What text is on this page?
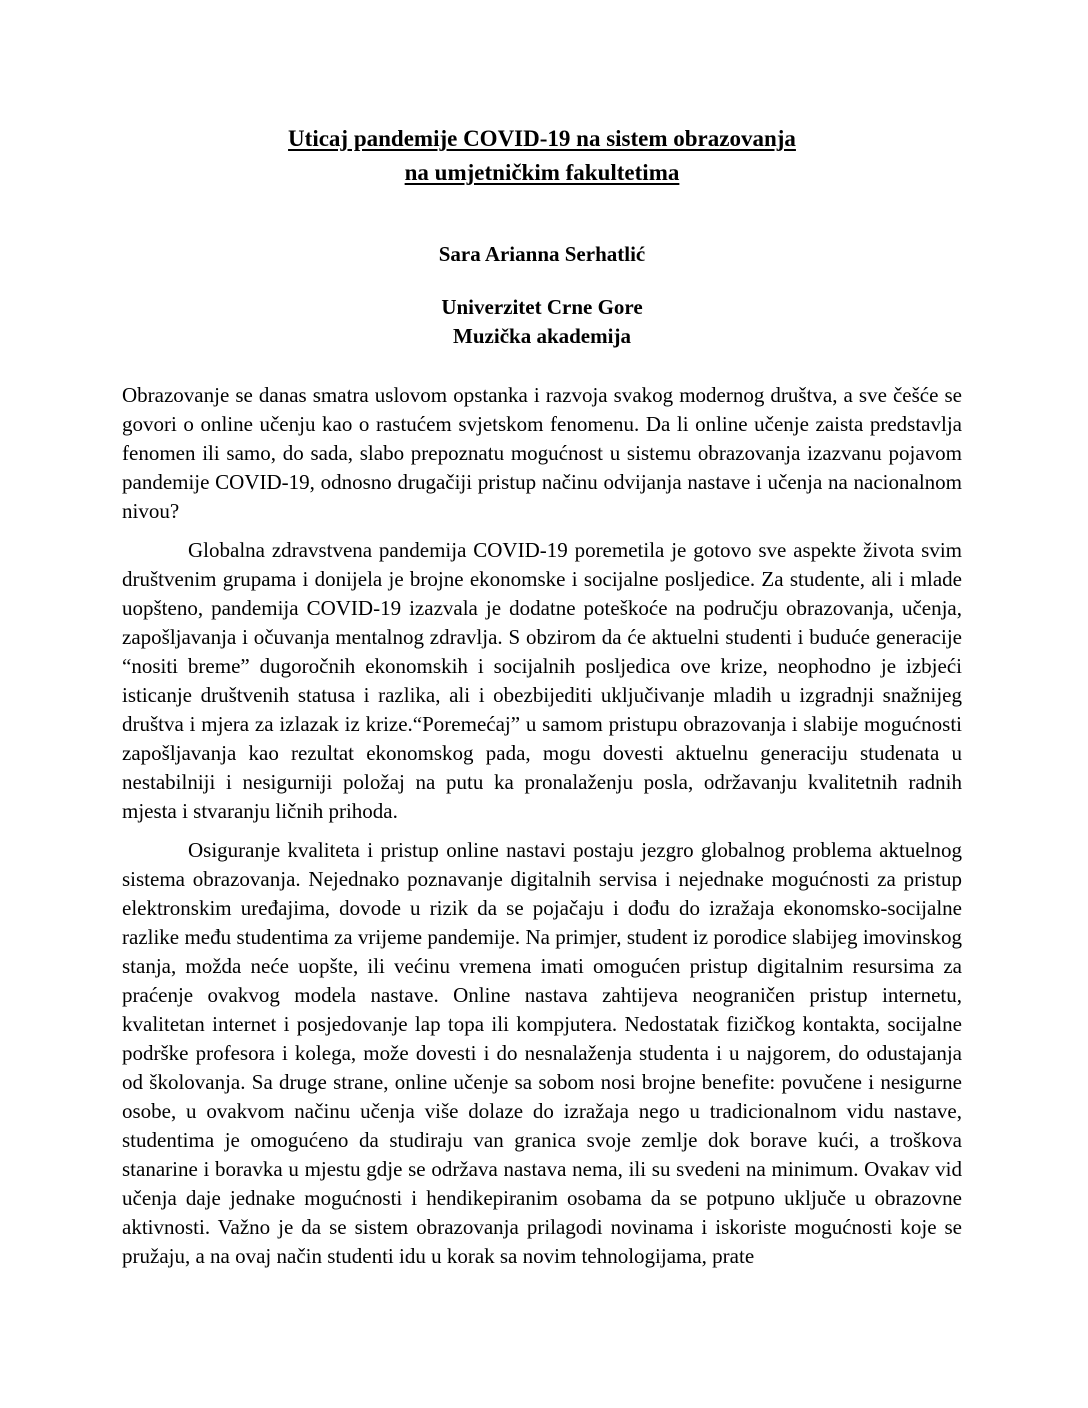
Uticaj pandemije COVID-19 na sistem obrazovanja
na umjetničkim fakultetima
Sara Arianna Serhatlić
Univerzitet Crne Gore
Muzička akademija

Obrazovanje se danas smatra uslovom opstanka i razvoja svakog modernog društva, a sve češće se govori o online učenju kao o rastućem svjetskom fenomenu. Da li online učenje zaista predstavlja fenomen ili samo, do sada, slabo prepoznatu mogućnost u sistemu obrazovanja izazvanu pojavom pandemije COVID-19, odnosno drugačiji pristup načinu odvijanja nastave i učenja na nacionalnom nivou?

Globalna zdravstvena pandemija COVID-19 poremetila je gotovo sve aspekte života svim društvenim grupama i donijela je brojne ekonomske i socijalne posljedice. Za studente, ali i mlade uopšteno, pandemija COVID-19 izazvala je dodatne poteškoće na području obrazovanja, učenja, zapošljavanja i očuvanja mentalnog zdravlja. S obzirom da će aktuelni studenti i buduće generacije “nositi breme” dugoročnih ekonomskih i socijalnih posljedica ove krize, neophodno je izbjeći isticanje društvenih statusa i razlika, ali i obezbijediti uključivanje mladih u izgradnji snažnijeg društva i mjera za izlazak iz krize.“Poremećaj” u samom pristupu obrazovanja i slabije mogućnosti zapošljavanja kao rezultat ekonomskog pada, mogu dovesti aktuelnu generaciju studenata u nestabilniji i nesigurniji položaj na putu ka pronalaženju posla, održavanju kvalitetnih radnih mjesta i stvaranju ličnih prihoda.

Osiguranje kvaliteta i pristup online nastavi postaju jezgro globalnog problema aktuelnog sistema obrazovanja. Nejednako poznavanje digitalnih servisa i nejednake mogućnosti za pristup elektronskim uređajima, dovode u rizik da se pojačaju i dođu do izražaja ekonomsko-socijalne razlike među studentima za vrijeme pandemije. Na primjer, student iz porodice slabijeg imovinskog stanja, možda neće uopšte, ili većinu vremena imati omogućen pristup digitalnim resursima za praćenje ovakvog modela nastave. Online nastava zahtijeva neograničen pristup internetu, kvalitetan internet i posjedovanje lap topa ili kompjutera. Nedostatak fizičkog kontakta, socijalne podrške profesora i kolega, može dovesti i do nesnalaženja studenta i u najgorem, do odustajanja od školovanja. Sa druge strane, online učenje sa sobom nosi brojne benefite: povučene i nesigurne osobe, u ovakvom načinu učenja više dolaze do izražaja nego u tradicionalnom vidu nastave, studentima je omogućeno da studiraju van granica svoje zemlje dok borave kući, a troškova stanarine i boravka u mjestu gdje se održava nastava nema, ili su svedeni na minimum. Ovakav vid učenja daje jednake mogućnosti i hendikepiranim osobama da se potpuno uključe u obrazovne aktivnosti. Važno je da se sistem obrazovanja prilagodi novinama i iskoriste mogućnosti koje se pružaju, a na ovaj način studenti idu u korak sa novim tehnologijama, prate
